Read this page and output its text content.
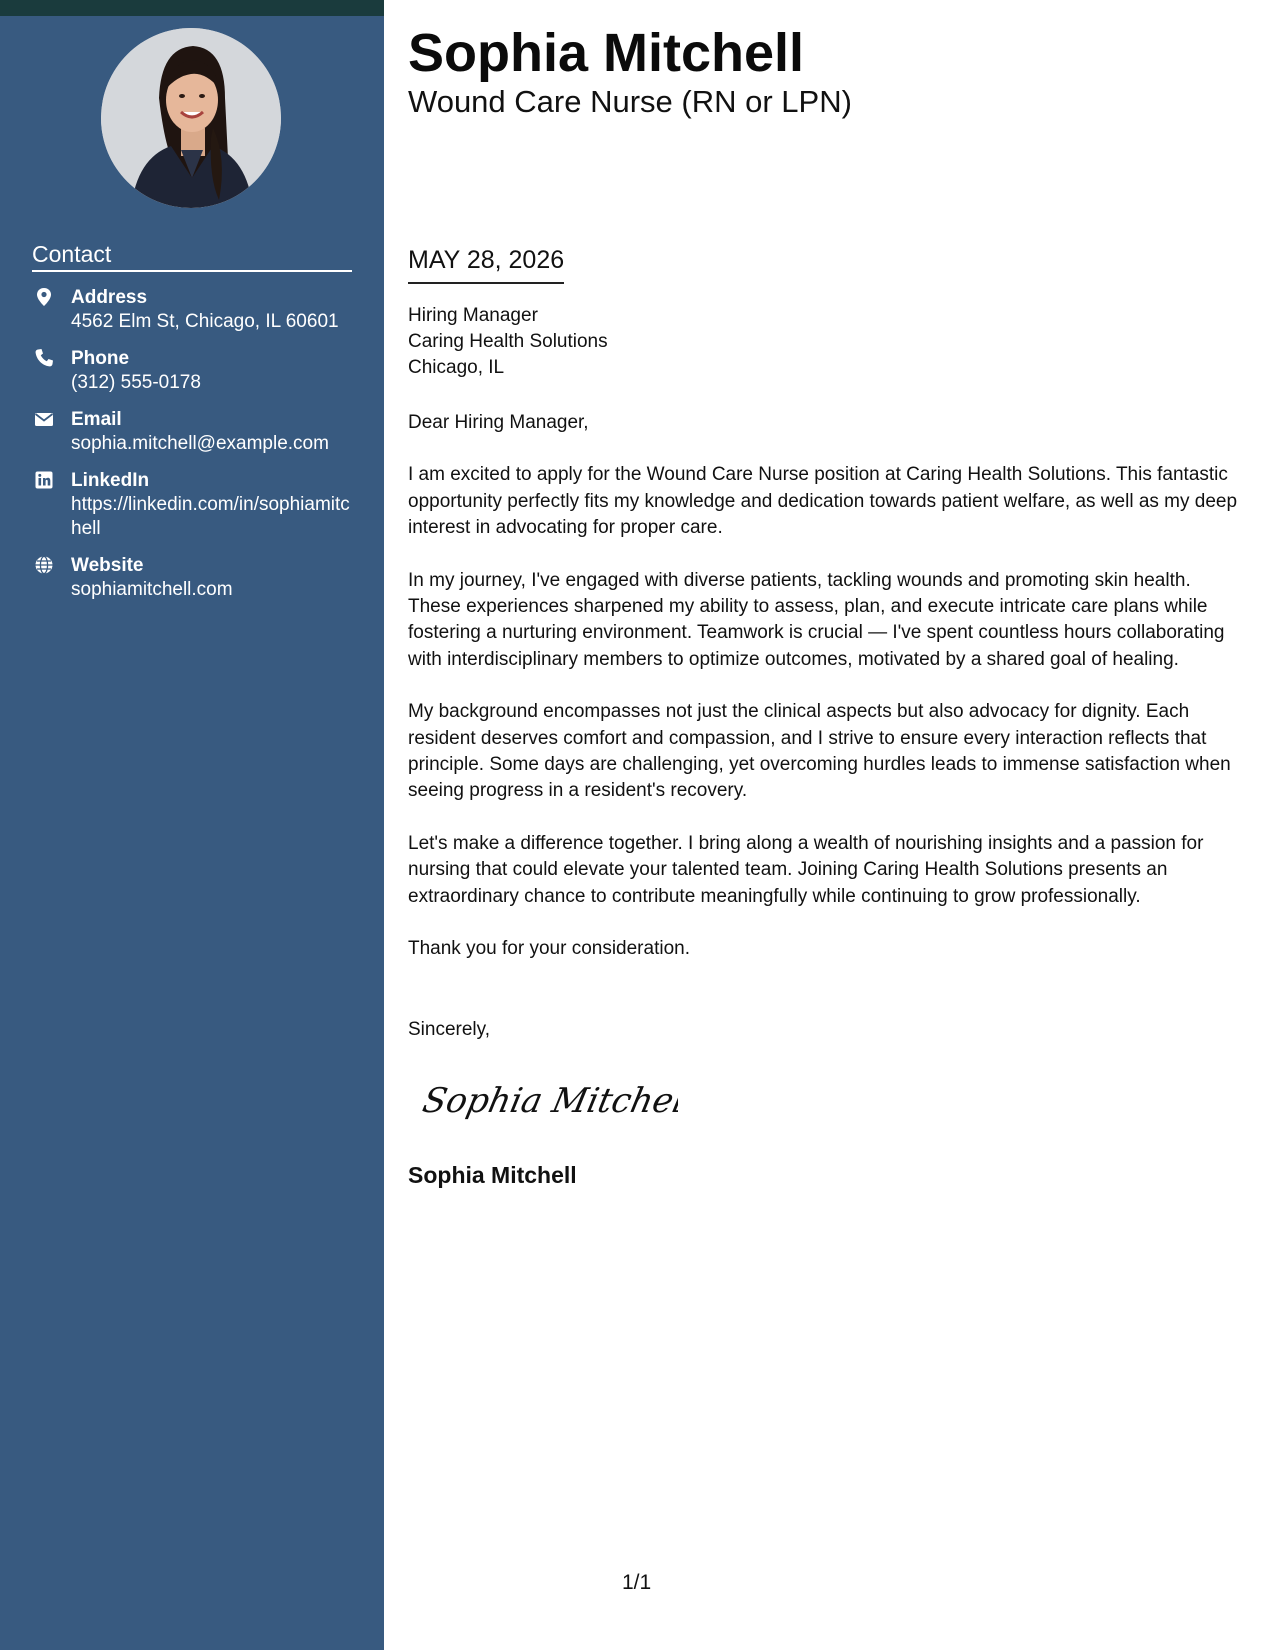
Contact
Address
4562 Elm St, Chicago, IL 60601
Phone
(312) 555-0178
Email
sophia.mitchell@example.com
LinkedIn
https://linkedin.com/in/sophiamitchell
Website
sophiamitchell.com
Sophia Mitchell
Wound Care Nurse (RN or LPN)
MAY 28, 2026
Hiring Manager
Caring Health Solutions
Chicago, IL

Dear Hiring Manager,

I am excited to apply for the Wound Care Nurse position at Caring Health Solutions. This fantastic opportunity perfectly fits my knowledge and dedication towards patient welfare, as well as my deep interest in advocating for proper care.

In my journey, I've engaged with diverse patients, tackling wounds and promoting skin health. These experiences sharpened my ability to assess, plan, and execute intricate care plans while fostering a nurturing environment. Teamwork is crucial — I've spent countless hours collaborating with interdisciplinary members to optimize outcomes, motivated by a shared goal of healing.

My background encompasses not just the clinical aspects but also advocacy for dignity. Each resident deserves comfort and compassion, and I strive to ensure every interaction reflects that principle. Some days are challenging, yet overcoming hurdles leads to immense satisfaction when seeing progress in a resident's recovery.

Let's make a difference together. I bring along a wealth of nourishing insights and a passion for nursing that could elevate your talented team. Joining Caring Health Solutions presents an extraordinary chance to contribute meaningfully while continuing to grow professionally.

Thank you for your consideration.

Sincerely,
Sophia Mitchell
Sophia Mitchell
1/1
